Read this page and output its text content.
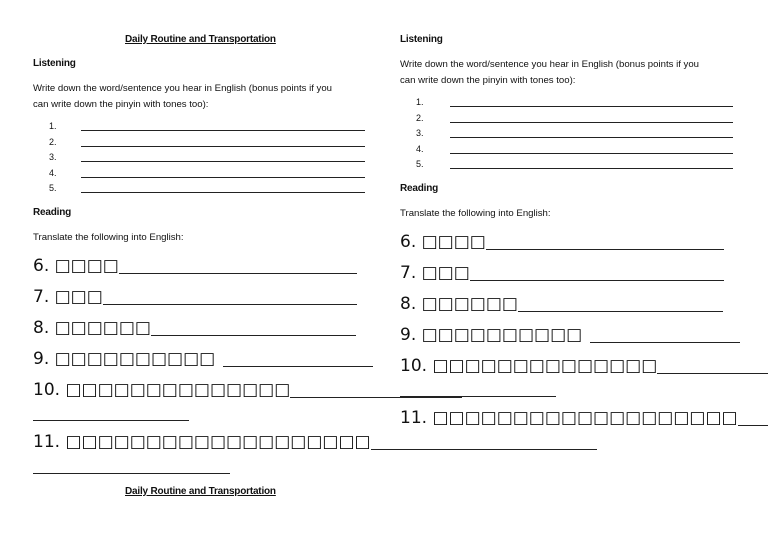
Daily Routine and Transportation
Listening
Write down the word/sentence you hear in English (bonus points if you
can write down the pinyin with tones too):
1.
2.
3.
4.
5.
Reading
Translate the following into English:
6. □□□□
7. □□□
8. □□□□□□
9. □□□□□□□□□□
10. □□□□□□□□□□□□□□
11. □□□□□□□□□□□□□□□□□□□
Daily Routine and Transportation
Listening
Write down the word/sentence you hear in English (bonus points if you
can write down the pinyin with tones too):
1.
2.
3.
4.
5.
Reading
Translate the following into English:
6. □□□□
7. □□□
8. □□□□□□
9. □□□□□□□□□□
10. □□□□□□□□□□□□□□
11. □□□□□□□□□□□□□□□□□□□
